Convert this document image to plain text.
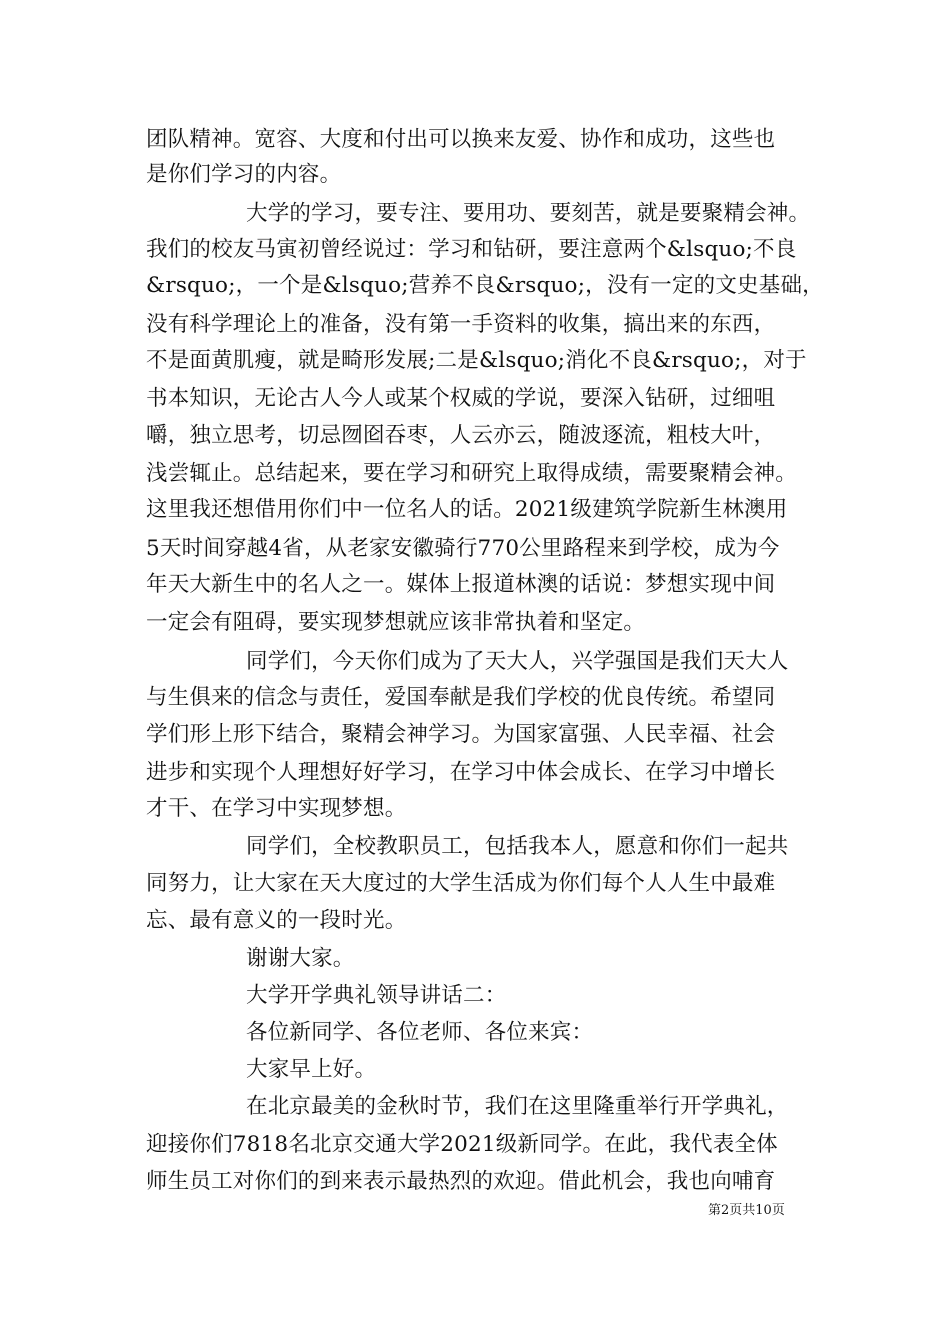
团队精神。宽容、大度和付出可以换来友爱、协作和成功，这些也
是你们学习的内容。
大学的学习，要专注、要用功、要刻苦，就是要聚精会神。
我们的校友马寅初曾经说过：学习和钻研，要注意两个&lsquo;不良
&rsquo;，一个是&lsquo;营养不良&rsquo;，没有一定的文史基础，
没有科学理论上的准备，没有第一手资料的收集，搞出来的东西，
不是面黄肌瘦，就是畸形发展;二是&lsquo;消化不良&rsquo;，对于
书本知识，无论古人今人或某个权威的学说，要深入钻研，过细咀
嚼，独立思考，切忌囫囵吞枣，人云亦云，随波逐流，粗枝大叶，
浅尝辄止。总结起来，要在学习和研究上取得成绩，需要聚精会神。
这里我还想借用你们中一位名人的话。2021级建筑学院新生林澳用
5天时间穿越4省，从老家安徽骑行770公里路程来到学校，成为今
年天大新生中的名人之一。媒体上报道林澳的话说：梦想实现中间
一定会有阻碍，要实现梦想就应该非常执着和坚定。
同学们，今天你们成为了天大人，兴学强国是我们天大人
与生俱来的信念与责任，爱国奉献是我们学校的优良传统。希望同
学们形上形下结合，聚精会神学习。为国家富强、人民幸福、社会
进步和实现个人理想好好学习，在学习中体会成长、在学习中增长
才干、在学习中实现梦想。
同学们，全校教职员工，包括我本人，愿意和你们一起共
同努力，让大家在天大度过的大学生活成为你们每个人人生中最难
忘、最有意义的一段时光。
谢谢大家。
大学开学典礼领导讲话二：
各位新同学、各位老师、各位来宾：
大家早上好。
在北京最美的金秋时节，我们在这里隆重举行开学典礼，
迎接你们7818名北京交通大学2021级新同学。在此，我代表全体
师生员工对你们的到来表示最热烈的欢迎。借此机会，我也向哺育
第2页共10页
